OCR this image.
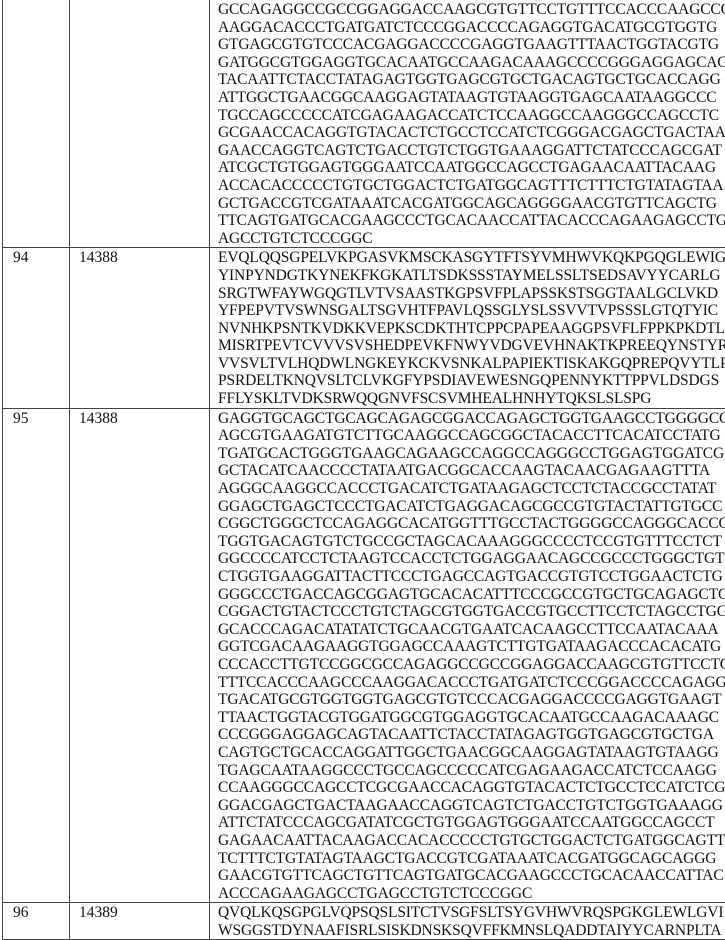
GCCAGAGGCCGCCGGAGGACCAAGCGTGTTCCTGTTTCCACCCAAGCCC
AAGGACACCCTGATGATCTCCCGGACCCCAGAGGTGACATGCGTGGTG
GTGAGCGTGTCCCACGAGGACCCCGAGGTGAAGTTTAACTGGTACGTG
GATGGCGTGGAGGTGCACAATGCCAAGACAAAGCCCCGGGAGGAGCAG
TACAATTCTACCTATAGAGTGGTGAGCGTGCTGACAGTGCTGCACCAGG
ATTGGCTGAACGGCAAGGAGTATAAGTGTAAGGTGAGCAATAAGGCCC
TGCCAGCCCCCATCGAGAAGACCATCTCCAAGGCCAAGGGCCAGCCTC
GCGAACCACAGGTGTACACTCTGCCTCCATCTCGGGACGAGCTGACTAA
GAACCAGGTCAGTCTGACCTGTCTGGTGAAAGGATTCTATCCCAGCGAT
ATCGCTGTGGAGTGGGAATCCAATGGCCAGCCTGAGAACAATTACAAG
ACCACACCCCCTGTGCTGGACTCTGATGGCAGTTTCTTTCTGTATAGTAA
GCTGACCGTCGATAAATCACGATGGCAGCAGGGGAACGTGTTCAGCTG
TTCAGTGATGCACGAAGCCCTGCACAACCATTACACCCAGAAGAGCCTG
AGCCTGTCTCCCGGC

94	14388	EVQLQQSGPELVKPGASVKMSCKASGYTFTSYVMHWVKQKPGQGLEWIG
YINPYNDGTKYNEKFKGKATLTSDKSSSTAYMELSSLTSEDSAVYYCARLG
SRGTWFAYWGQGTLVTVSAASTKGPSVFPLAPSSKSTSGGTAALGCLVKD
YFPEPVTVSWNSGALTSGVHTFPAVLQSSGLYSLSSVVTVPSSSLGTQTYIC
NVNHKPSNTKVDKKVEPKSCDKTHTCPPCPAPEAAGGPSVFLFPPKPKDTL
MISRTPEVTCVVVSVSHEDPEVKFNWYVDGVEVHNAKTKPREEQYNSTYR
VVSVLTVLHQDWLNGKEYKCKVSNKALPAPIEKTISKAKGQPREPQVYTLP
PSRDELTKNQVSLTCLVKGFYPSDIAVEWESNGQPENNYKTTPPVLDSDGS
FFLYSKLTVDKSRWQQGNVFSCSVMHEALHNHYTQKSLSLSPG

95	14388	GAGGTGCAGCTGCAGCAGAGCGGACCAGAGCTGGTGAAGCCTGGGGCC
AGCGTGAAGATGTCTTGCAAGGCCAGCGGCTACACCTTCACATCCTATG
TGATGCACTGGGTGAAGCAGAAGCCAGGCCAGGGCCTGGAGTGGATCG
GCTACATCAACCCCTATAATGACGGCACCAAGTACAACGAGAAGTTTA
AGGGCAAGGCCACCCTGACATCTGATAAGAGCTCCTCTACCGCCTATAT
GGAGCTGAGCTCCCTGACATCTGAGGACAGCGCCGTGTACTATTGTGCC
CGGCTGGGCTCCAGAGGCACATGGTTTGCCTACTGGGGCCAGGGCACCC
TGGTGACAGTGTCTGCCGCTAGCACAAAGGGCCCCTCCGTGTTTCCTCT
GGCCCCATCCTCTAAGTCCACCTCTGGAGGAACAGCCGCCCTGGGCTGT
CTGGTGAAGGATTACTTCCCTGAGCCAGTGACCGTGTCCTGGAACTCTG
GGGCCCTGACCAGCGGAGTGCACACATTTCCCGCCGTGCTGCAGAGCTC
CGGACTGTACTCCCTGTCTAGCGTGGTGACCGTGCCTTCCTCTAGCCTGG
GCACCCAGACATATATCTGCAACGTGAATCACAAGCCTTCCAATACAAA
GGTCGACAAGAAGGTGGAGCCAAAGTCTTGTGATAAGACCCACACATG
CCCACCTTGTCCGGCGCCAGAGGCCGCCGGAGGACCAAGCGTGTTCCTG
TTTCCACCCAAGCCCAAGGACACCCTGATGATCTCCCGGACCCCAGAGG
TGACATGCGTGGTGGTGAGCGTGTCCCACGAGGACCCCGAGGTGAAGT
TTAACTGGTACGTGGATGGCGTGGAGGTGCACAATGCCAAGACAAAGC
CCCGGGAGGAGCAGTACAATTCTACCTATAGAGTGGTGAGCGTGCTGA
CAGTGCTGCACCAGGATTGGCTGAACGGCAAGGAGTATAAGTGTAAGG
TGAGCAATAAGGCCCTGCCAGCCCCCATCGAGAAGACCATCTCCAAGG
CCAAGGGCCAGCCTCGCGAACCACAGGTGTACACTCTGCCTCCATCTCG
GGACGAGCTGACTAAGAACCAGGTCAGTCTGACCTGTCTGGTGAAAGG
ATTCTATCCCAGCGATATCGCTGTGGAGTGGGAATCCAATGGCCAGCCT
GAGAACAATTACAAGACCACACCCCCTGTGCTGGACTCTGATGGCAGTT
TCTTTCTGTATAGTAAGCTGACCGTCGATAAATCACGATGGCAGCAGGG
GAACGTGTTCAGCTGTTCAGTGATGCACGAAGCCCTGCACAACCATTAC
ACCCAGAAGAGCCTGAGCCTGTCTCCCGGC

96	14389	QVQLKQSGPGLVQPSQSLSITCTVSGFSLTSYGVHWVRQSPGKGLEWLGVI
WSGGSTDYNAAFISRLSISKDNSKSQVFFKMNSLQADDTAIYYCARNPLTA
